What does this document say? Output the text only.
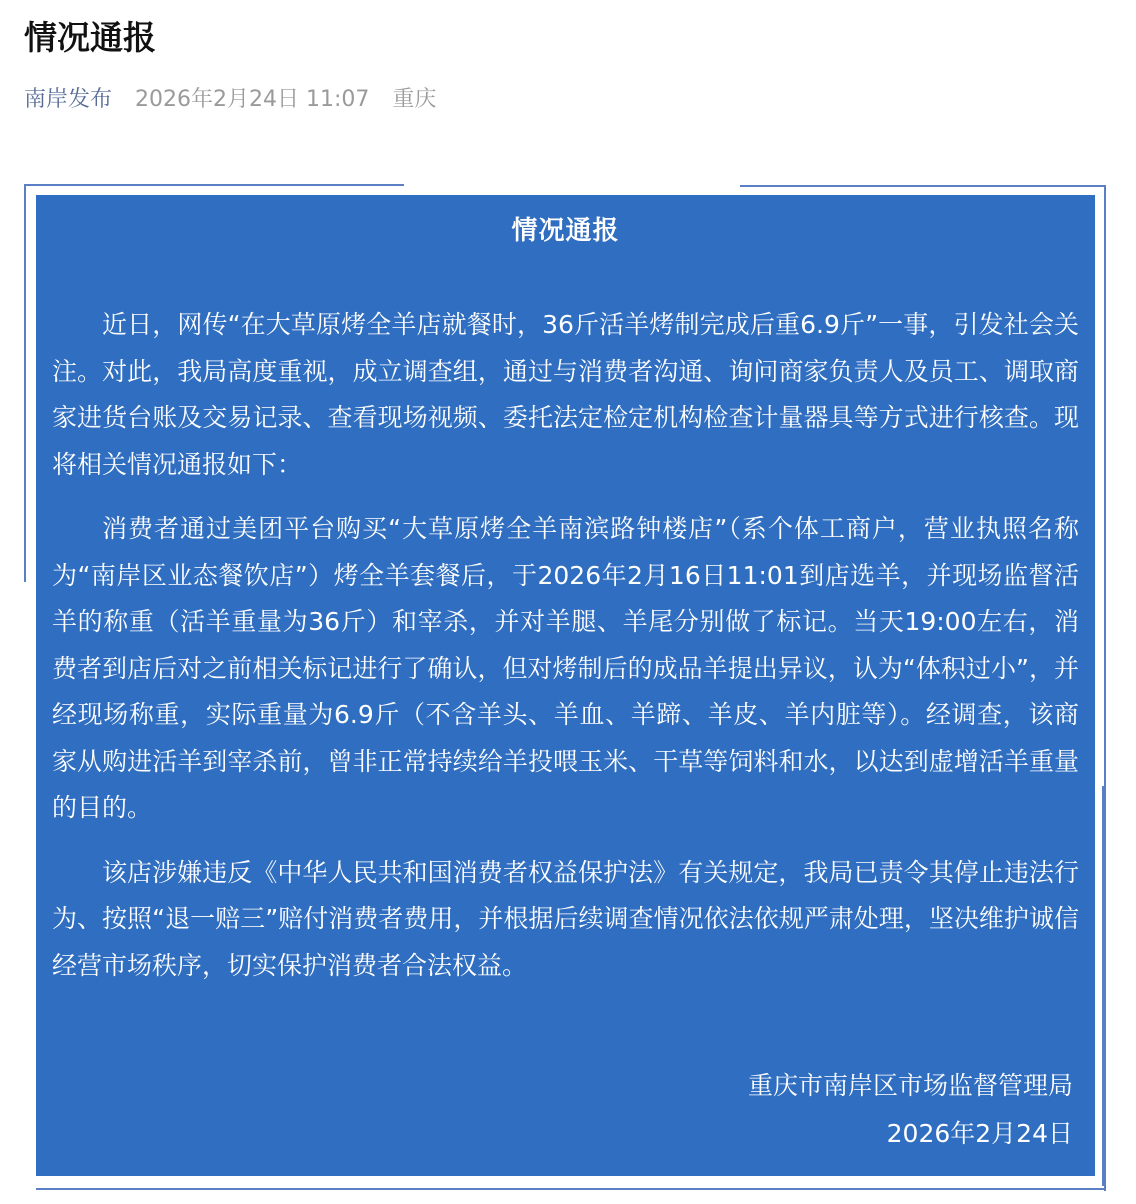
情况通报
南岸发布 2026年2月24日 11:07 重庆
情况通报

近日，网传“在大草原烤全羊店就餐时，36斤活羊烤制完成后重6.9斤”一事，引发社会关注。对此，我局高度重视，成立调查组，通过与消费者沟通、询问商家负责人及员工、调取商家进货台账及交易记录、查看现场视频、委托法定检定机构检查计量器具等方式进行核查。现将相关情况通报如下：

消费者通过美团平台购买“大草原烤全羊南滨路钟楼店”（系个体工商户，营业执照名称为“南岸区业态餐饮店”）烤全羊套餐后，于2026年2月16日11:01到店选羊，并现场监督活羊的称重（活羊重量为36斤）和宰杀，并对羊腿、羊尾分别做了标记。当天19:00左右，消费者到店后对之前相关标记进行了确认，但对烤制后的成品羊提出异议，认为“体积过小”，并经现场称重，实际重量为6.9斤（不含羊头、羊血、羊蹄、羊皮、羊内脏等）。经调查，该商家从购进活羊到宰杀前，曾非正常持续给羊投喂玉米、干草等饲料和水，以达到虚增活羊重量的目的。

该店涉嫌违反《中华人民共和国消费者权益保护法》有关规定，我局已责令其停止违法行为、按照“退一赔三”赔付消费者费用，并根据后续调查情况依法依规严肃处理，坚决维护诚信经营市场秩序，切实保护消费者合法权益。

重庆市南岸区市场监督管理局
2026年2月24日
